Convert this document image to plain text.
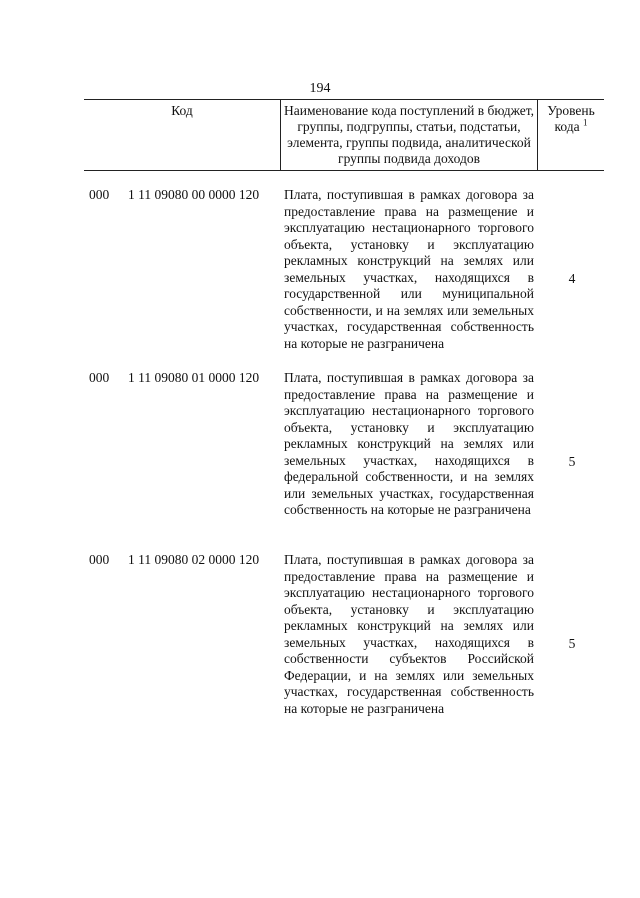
194
Код	Наименование кода поступлений в бюджет, группы, подгруппы, статьи, подстатьи, элемента, группы подвида, аналитической группы подвида доходов
Уровень кода $^1$
000 1 11 09080 00 0000 120 Плата, поступившая в рамках договора за предоставление права на размещение и эксплуатацию нестационарного торгового объекта, установку и эксплуатацию рекламных конструкций на землях или земельных участках, находящихся в государственной или муниципальной собственности, и на землях или земельных участках, государственная собственность на которые не разграничена
4
000 1 11 09080 01 0000 120 Плата, поступившая в рамках договора за предоставление права на размещение и эксплуатацию нестационарного торгового объекта, установку и эксплуатацию рекламных конструкций на землях или земельных участках, находящихся в федеральной собственности, и на землях или земельных участках, государственная собственность на которые не разграничена
5
000 1 11 09080 02 0000 120 Плата, поступившая в рамках договора за предоставление права на размещение и эксплуатацию нестационарного торгового объекта, установку и эксплуатацию рекламных конструкций на землях или земельных участках, находящихся в собственности субъектов Российской Федерации, и на землях или земельных участках, государственная собственность на которые не разграничена
5
